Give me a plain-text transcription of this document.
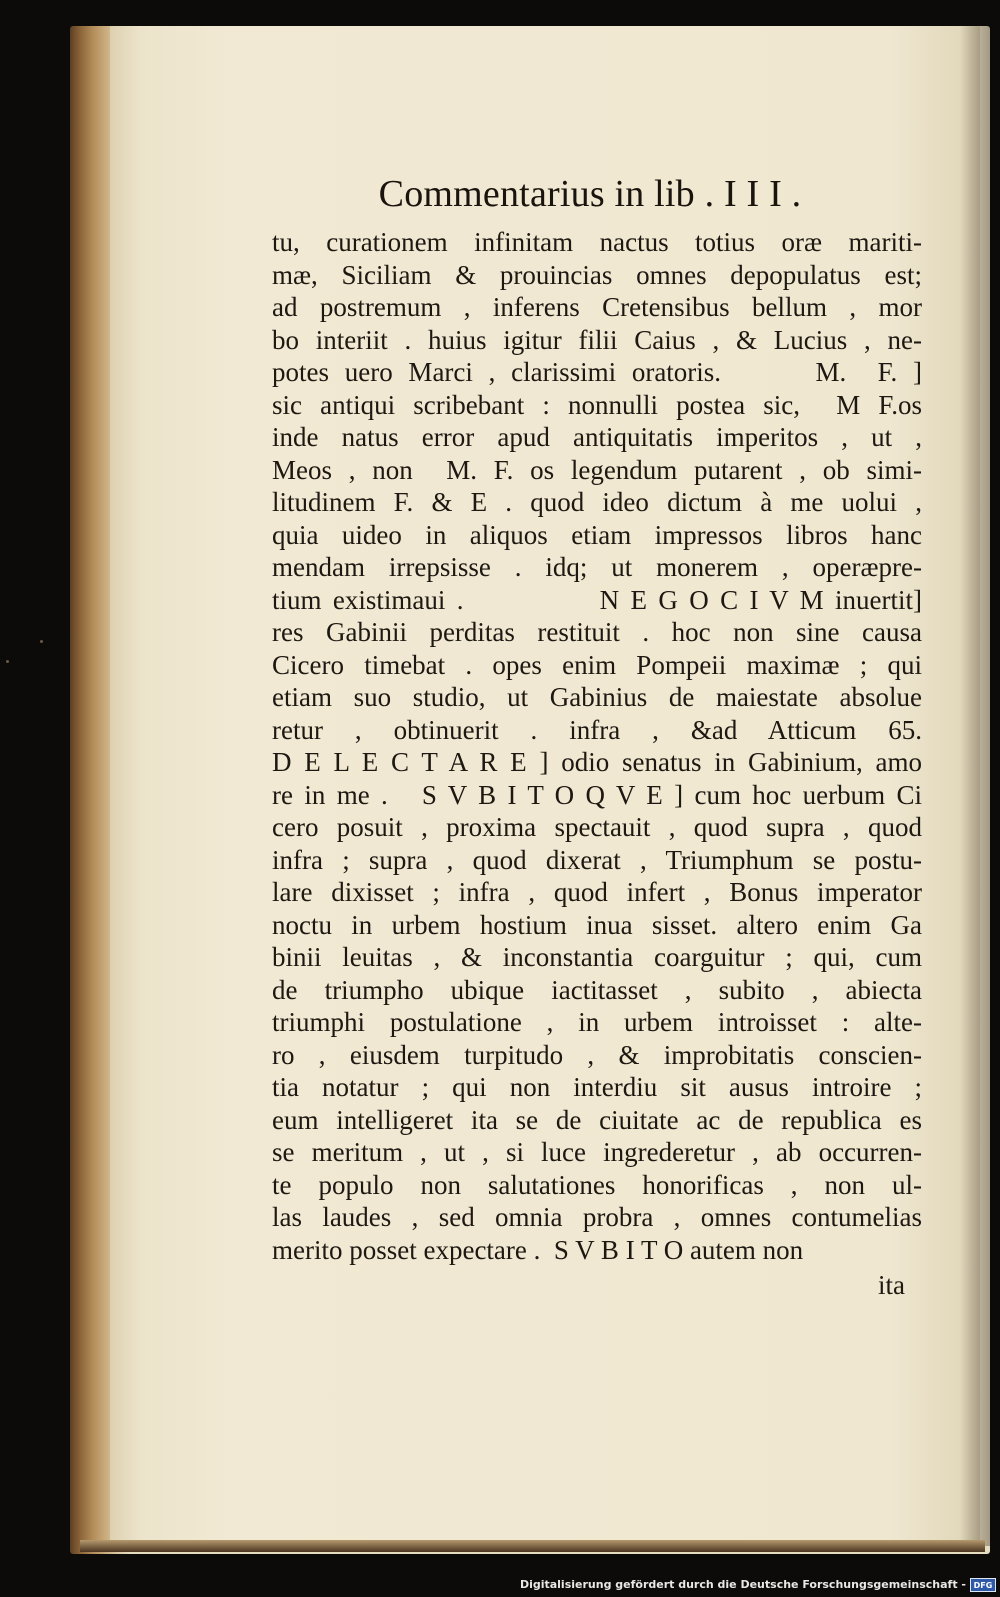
Commentarius in lib . I I I .
tu, curationem infinitam nactus totius oræ mariti-
mæ, Siciliam & prouincias omnes depopulatus est;
ad postremum , inferens Cretensibus bellum , mor
bo interiit . huius igitur filii Caius , & Lucius , ne-
potes uero Marci , clarissimi oratoris.      M.  F. ]
sic antiqui scribebant : nonnulli postea sic,  M F.os
inde natus error apud antiquitatis imperitos , ut ,
Meos , non  M. F. os legendum putarent , ob simi-
litudinem F. & E . quod ideo dictum à me uolui ,
quia uideo in aliquos etiam impressos libros hanc
mendam irrepsisse . idq; ut monerem , operæpre-
tium existimaui .            N E G O C I V M inuertit]
res Gabinii perditas restituit . hoc non sine causa
Cicero timebat . opes enim Pompeii maximæ ; qui
etiam suo studio, ut Gabinius de maiestate absolue
retur , obtinuerit . infra , &ad Atticum 65.
D E L E C T A R E ] odio senatus in Gabinium, amo
re in me .   S V B I T O Q V E ] cum hoc uerbum Ci
cero posuit , proxima spectauit , quod supra , quod
infra ; supra , quod dixerat , Triumphum se postu-
lare dixisset ; infra , quod infert , Bonus imperator
noctu in urbem hostium inua sisset. altero enim Ga
binii leuitas , & inconstantia coarguitur ; qui, cum
de triumpho ubique iactitasset , subito , abiecta
triumphi postulatione , in urbem introisset : alte-
ro , eiusdem turpitudo , & improbitatis conscien-
tia notatur ; qui non interdiu sit ausus introire ;
eum intelligeret ita se de ciuitate ac de republica es
se meritum , ut , si luce ingrederetur , ab occurren-
te populo non salutationes honorificas , non ul-
las laudes , sed omnia probra , omnes contumelias
merito posset expectare .  S V B I T O autem non
ita
Digitalisierung gefördert durch die Deutsche Forschungsgemeinschaft - DFG
